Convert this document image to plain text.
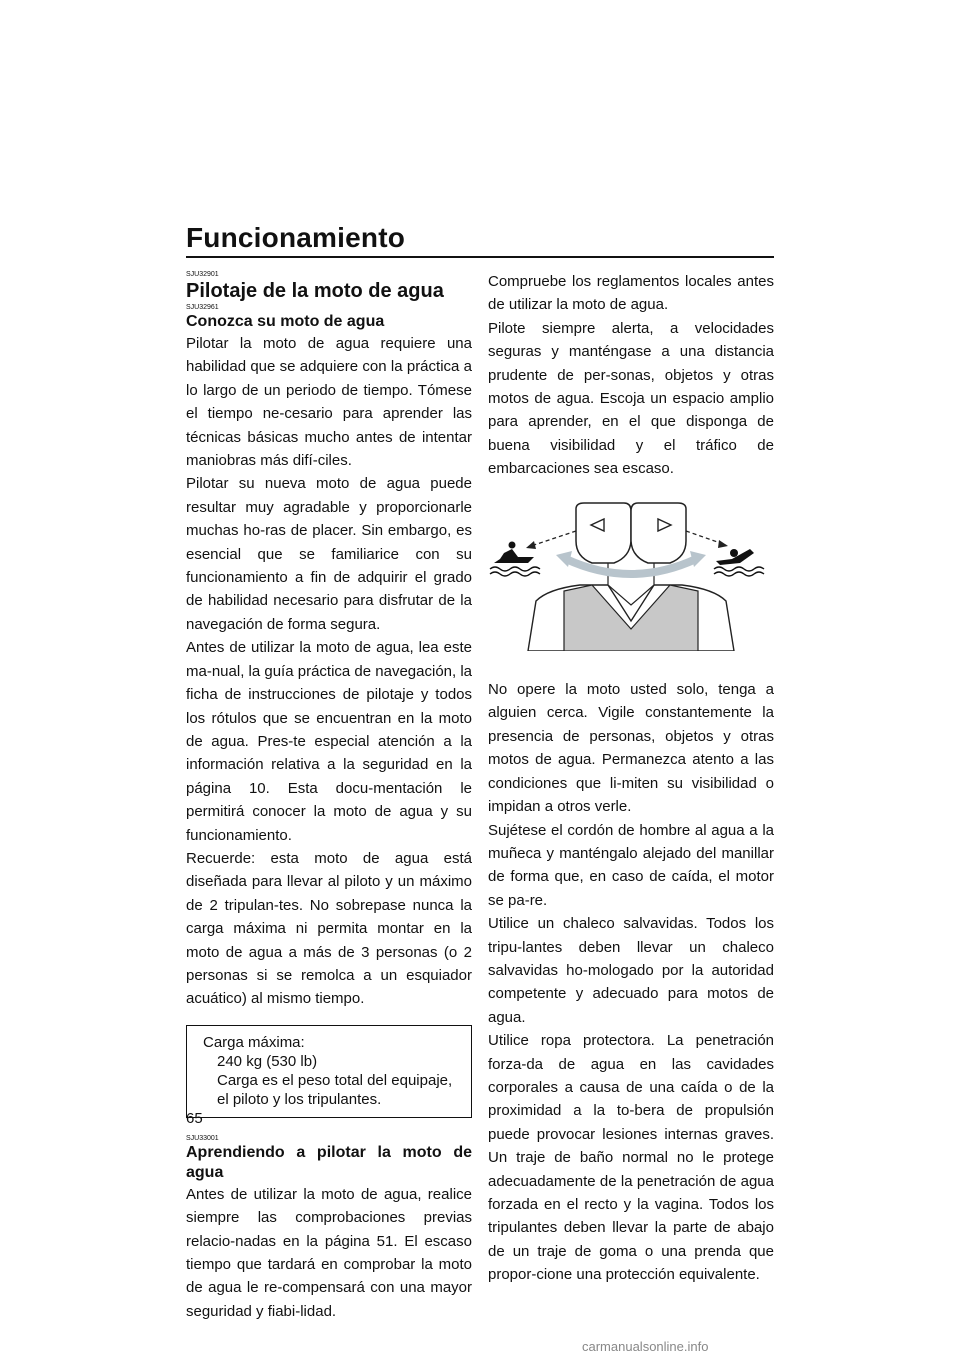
Funcionamiento

SJU32901

Pilotaje de la moto de agua

SJU32961

Conozca su moto de agua

Pilotar la moto de agua requiere una habilidad que se adquiere con la práctica a lo largo de un periodo de tiempo. Tómese el tiempo ne-cesario para aprender las técnicas básicas mucho antes de intentar maniobras más difí-ciles.

Pilotar su nueva moto de agua puede resultar muy agradable y proporcionarle muchas ho-ras de placer. Sin embargo, es esencial que se familiarice con su funcionamiento a fin de adquirir el grado de habilidad necesario para disfrutar de la navegación de forma segura.

Antes de utilizar la moto de agua, lea este ma-nual, la guía práctica de navegación, la ficha de instrucciones de pilotaje y todos los rótulos que se encuentran en la moto de agua. Pres-te especial atención a la información relativa a la seguridad en la página 10. Esta docu-mentación le permitirá conocer la moto de agua y su funcionamiento.

Recuerde: esta moto de agua está diseñada para llevar al piloto y un máximo de 2 tripulan-tes. No sobrepase nunca la carga máxima ni permita montar en la moto de agua a más de 3 personas (o 2 personas si se remolca a un esquiador acuático) al mismo tiempo.

Carga máxima:
240 kg (530 lb)
Carga es el peso total del equipaje, el piloto y los tripulantes.

SJU33001

Aprendiendo a pilotar la moto de agua

Antes de utilizar la moto de agua, realice siempre las comprobaciones previas relacio-nadas en la página 51. El escaso tiempo que tardará en comprobar la moto de agua le re-compensará con una mayor seguridad y fiabi-lidad.

Compruebe los reglamentos locales antes de utilizar la moto de agua.

Pilote siempre alerta, a velocidades seguras y manténgase a una distancia prudente de per-sonas, objetos y otras motos de agua. Escoja un espacio amplio para aprender, en el que disponga de buena visibilidad y el tráfico de embarcaciones sea escaso.

No opere la moto usted solo, tenga a alguien cerca. Vigile constantemente la presencia de personas, objetos y otras motos de agua. Permanezca atento a las condiciones que li-miten su visibilidad o impidan a otros verle.

Sujétese el cordón de hombre al agua a la muñeca y manténgalo alejado del manillar de forma que, en caso de caída, el motor se pa-re.

Utilice un chaleco salvavidas. Todos los tripu-lantes deben llevar un chaleco salvavidas ho-mologado por la autoridad competente y adecuado para motos de agua.

Utilice ropa protectora. La penetración forza-da de agua en las cavidades corporales a causa de una caída o de la proximidad a la to-bera de propulsión puede provocar lesiones internas graves. Un traje de baño normal no le protege adecuadamente de la penetración de agua forzada en el recto y la vagina. Todos los tripulantes deben llevar la parte de abajo de un traje de goma o una prenda que propor-cione una protección equivalente.

65
carmanualsonline.info
